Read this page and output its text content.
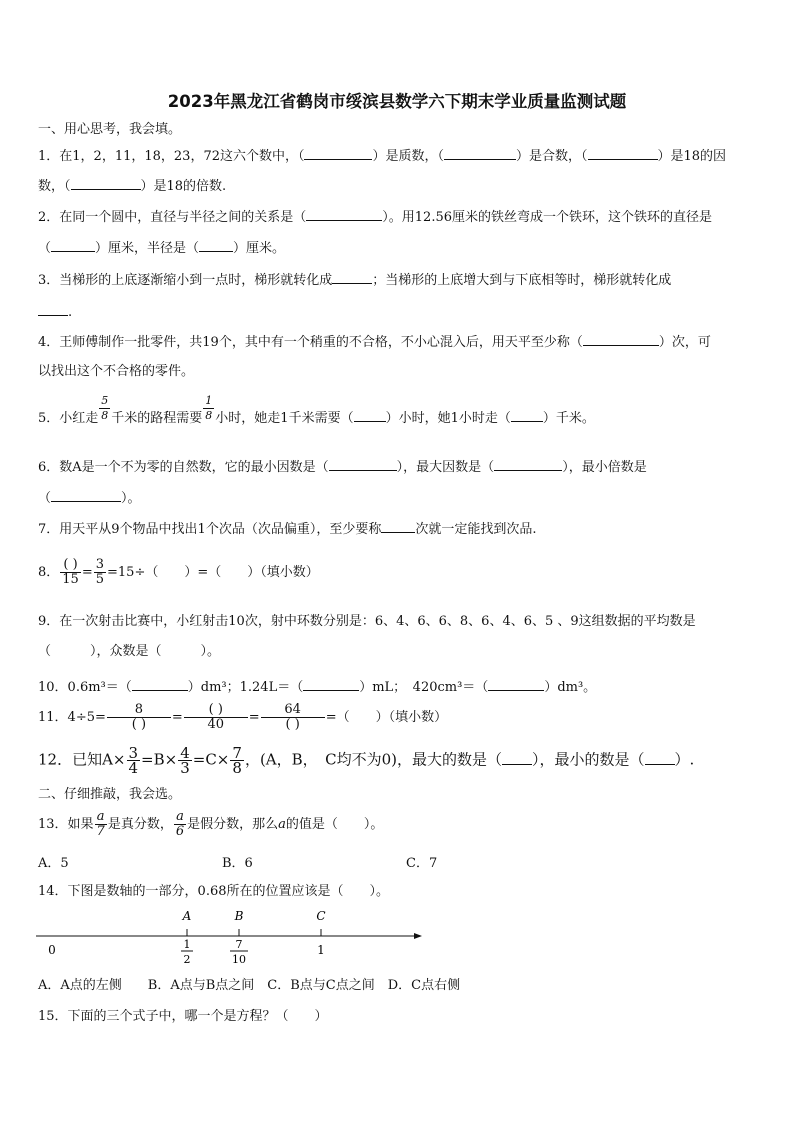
2023年黑龙江省鹤岗市绥滨县数学六下期末学业质量监测试题
一、用心思考，我会填。
1．在1，2，11，18，23，72这六个数中，（	）是质数，（	）是合数，（	）是18的因
数，（	）是18的倍数.
2．在同一个圆中，直径与半径之间的关系是（	）。用12.56厘米的铁丝弯成一个铁环，这个铁环的直径是
（	）厘米，半径是（	）厘米。
3．当梯形的上底逐渐缩小到一点时，梯形就转化成	；当梯形的上底增大到与下底相等时，梯形就转化成
.
4．王师傅制作一批零件，共19个，其中有一个稍重的不合格，不小心混入后，用天平至少称（	）次，可
以找出这个不合格的零件。
5．小红走 $\frac{5}{8}$ 千米的路程需要 $\frac{1}{8}$ 小时，她走1千米需要（ ）小时，她1小时走（ ）千米。
6．数A是一个不为零的自然数，它的最小因数是（	），最大因数是（	），最小倍数是
（	）。
7．用天平从9个物品中找出1个次品（次品偏重），至少要称	次就一定能找到次品.
8． $\frac{( )}{15} = \frac{3}{5} =15\div$（　　）=（　　）（填小数）
9．在一次射击比赛中，小红射击10次，射中环数分别是：6、4、6、6、8、6、4、6、5 、9这组数据的平均数是
（　　　），众数是（　　　）。
10．0.6m³＝（	）dm³；1.24L＝（	）mL；　420cm³＝（	）dm³。
11．$4\div 5= \frac{8}{( )} = \frac{( )}{40} = \frac{64}{( )}$ =（　　）（填小数）
12．已知$A\times \frac{3}{4} =B\times \frac{4}{3} =C\times \frac{7}{8}$ ，(A，B，　C均不为0)，最大的数是（ ），最小的数是（ ）.
二、仔细推敲，我会选。
13．如果 $\frac{a}{7}$ 是真分数， $\frac{a}{6}$ 是假分数，那么a的值是（　　）。
A．5	B．6	C．7
14．下图是数轴的一部分，0.68所在的位置应该是（　　）。
A	B	C
0	1
2
7
10
1
A．A点的左侧　　B．A点与B点之间　C．B点与C点之间　D．C点右侧
15．下面的三个式子中，哪一个是方程？（　　）
